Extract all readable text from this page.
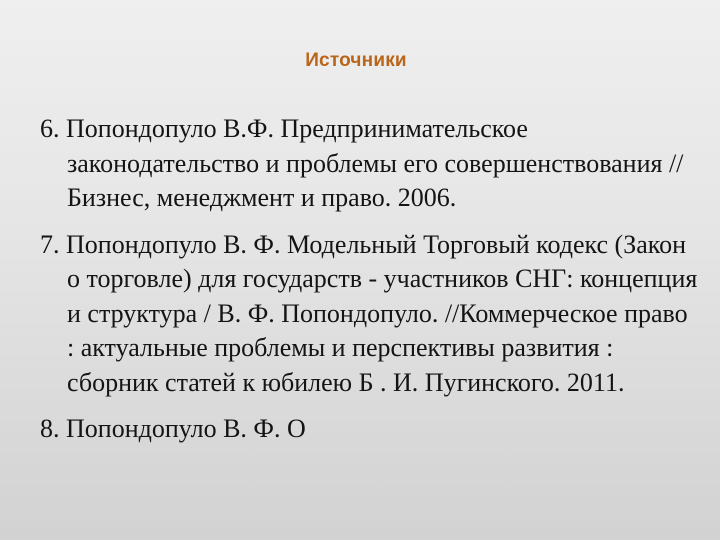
Источники
6. Попондопуло В.Ф. Предпринимательское законодательство и проблемы его совершенствования // Бизнес, менеджмент и право. 2006.
7. Попондопуло В. Ф. Модельный Торговый кодекс (Закон о торговле) для государств - участников СНГ: концепция и структура / В. Ф. Попондопуло. //Коммерческое право : актуальные проблемы и перспективы развития : сборник статей к юбилею Б . И. Пугинского. 2011.
8. Попондопуло В. Ф. О
